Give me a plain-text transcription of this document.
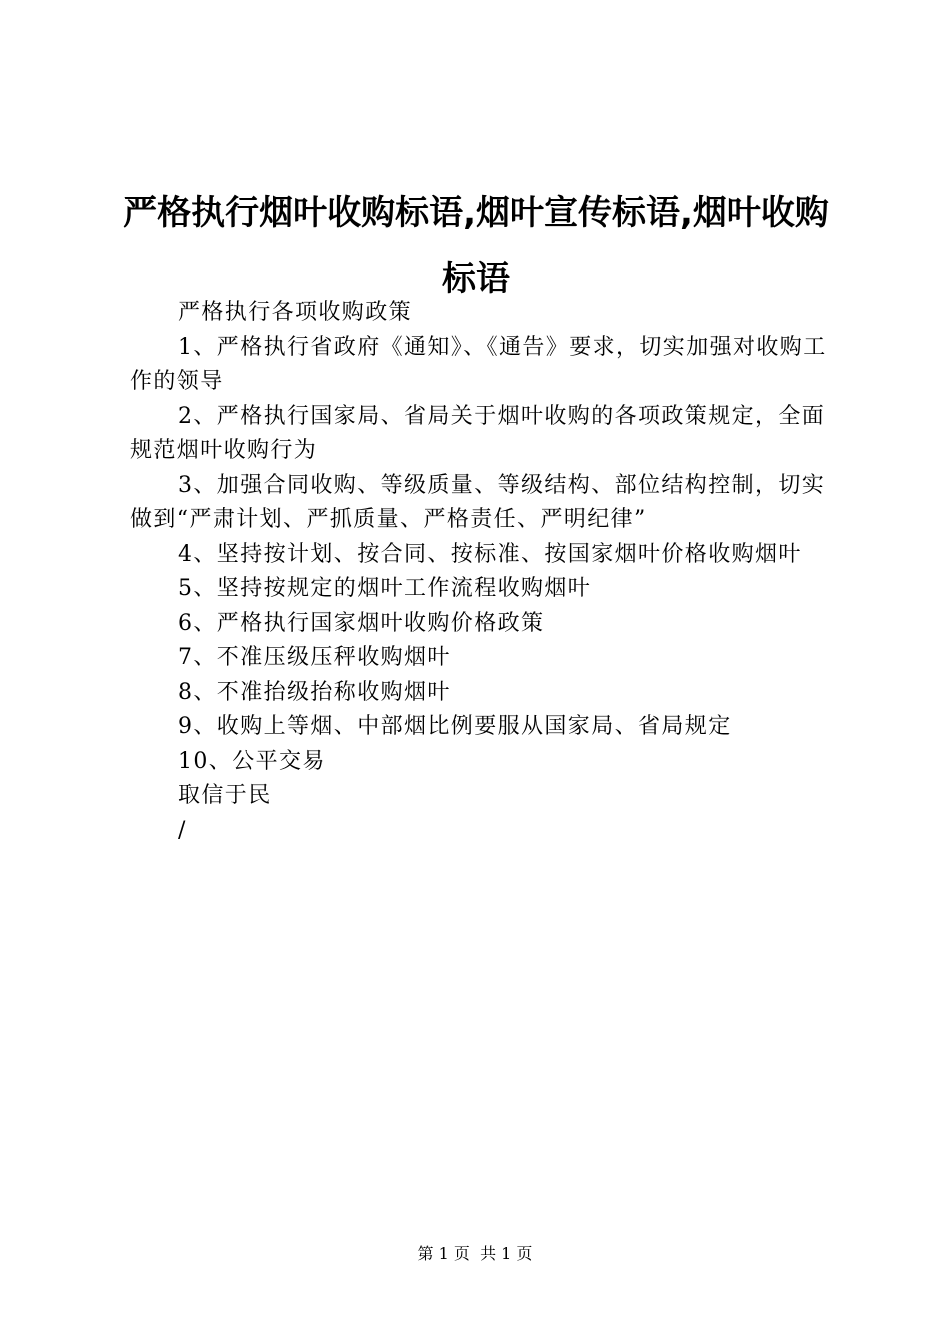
严格执行烟叶收购标语,烟叶宣传标语,烟叶收购标语

严格执行各项收购政策

1、严格执行省政府《通知》、《通告》要求，切实加强对收购工作的领导

2、严格执行国家局、省局关于烟叶收购的各项政策规定，全面规范烟叶收购行为

3、加强合同收购、等级质量、等级结构、部位结构控制，切实做到“严肃计划、严抓质量、严格责任、严明纪律”

4、坚持按计划、按合同、按标准、按国家烟叶价格收购烟叶

5、坚持按规定的烟叶工作流程收购烟叶

6、严格执行国家烟叶收购价格政策

7、不准压级压秤收购烟叶

8、不准抬级抬称收购烟叶

9、收购上等烟、中部烟比例要服从国家局、省局规定

10、公平交易

取信于民

/

第 1 页  共 1 页
